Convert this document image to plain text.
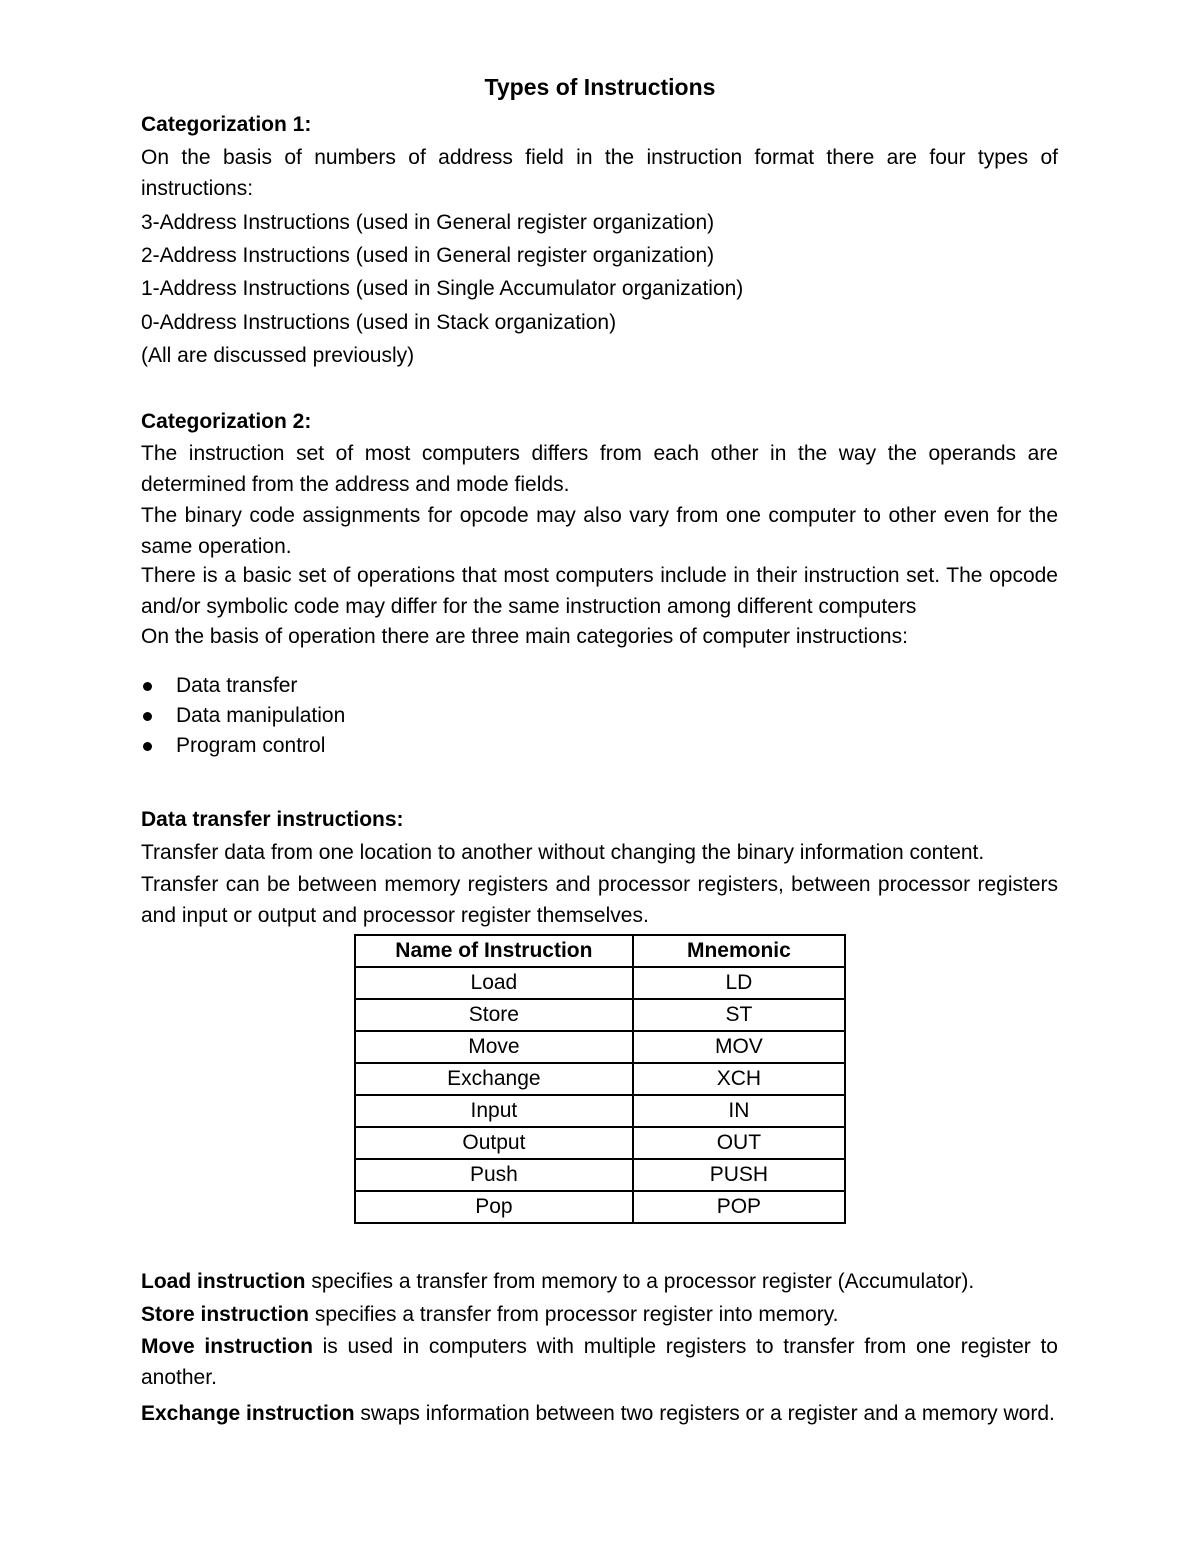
Types of Instructions
Categorization 1:
On the basis of numbers of address field in the instruction format there are four types of instructions:
3-Address Instructions (used in General register organization)
2-Address Instructions (used in General register organization)
1-Address Instructions (used in Single Accumulator organization)
0-Address Instructions (used in Stack organization)
(All are discussed previously)
Categorization 2:
The instruction set of most computers differs from each other in the way the operands are determined from the address and mode fields.
The binary code assignments for opcode may also vary from one computer to other even for the same operation.
There is a basic set of operations that most computers include in their instruction set. The opcode and/or symbolic code may differ for the same instruction among different computers
On the basis of operation there are three main categories of computer instructions:
Data transfer
Data manipulation
Program control
Data transfer instructions:
Transfer data from one location to another without changing the binary information content.
Transfer can be between memory registers and processor registers, between processor registers and input or output and processor register themselves.
Name of Instruction	Mnemonic
Load	LD
Store	ST
Move	MOV
Exchange	XCH
Input	IN
Output	OUT
Push	PUSH
Pop	POP
Load instruction specifies a transfer from memory to a processor register (Accumulator).
Store instruction specifies a transfer from processor register into memory.
Move instruction is used in computers with multiple registers to transfer from one register to another.
Exchange instruction swaps information between two registers or a register and a memory word.
